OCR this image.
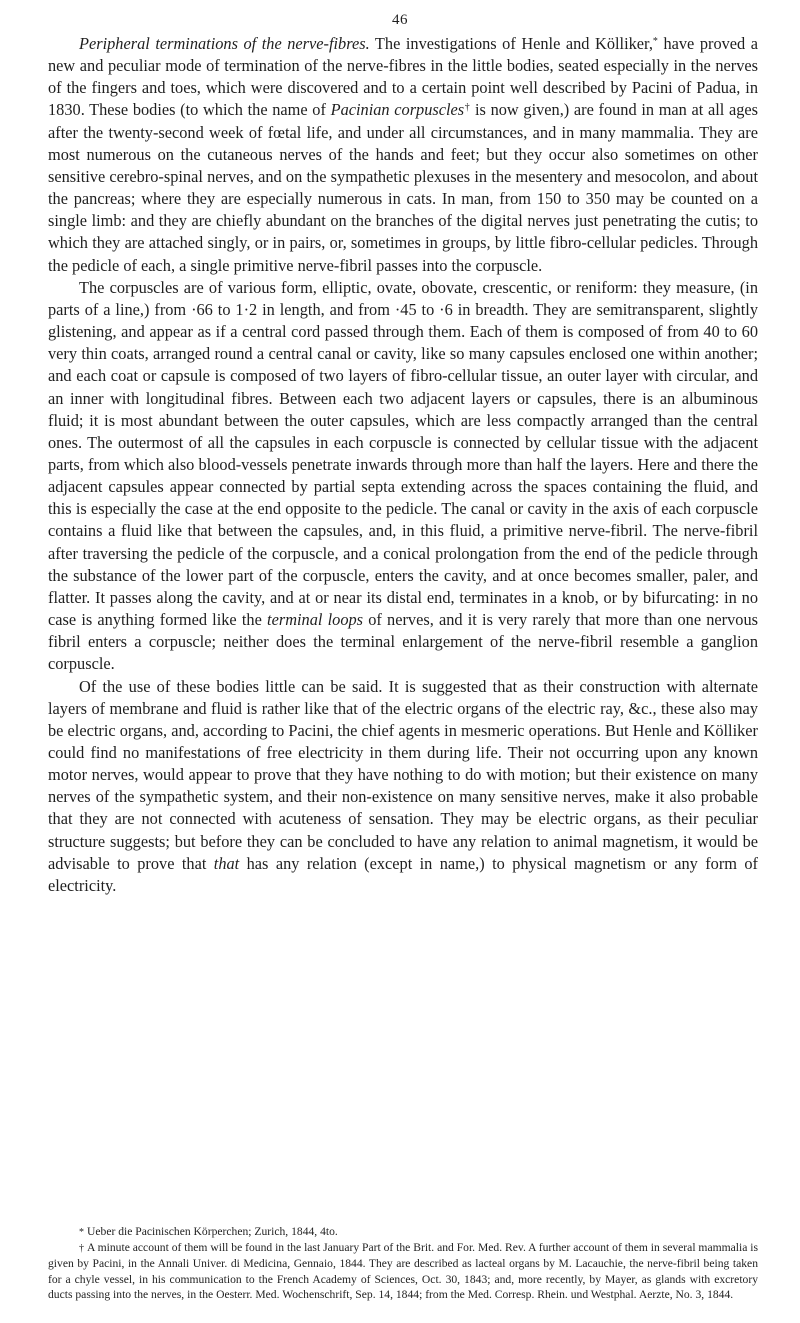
46

Peripheral terminations of the nerve-fibres. The investigations of Henle and Kölliker,* have proved a new and peculiar mode of termination of the nerve-fibres in the little bodies, seated especially in the nerves of the fingers and toes, which were discovered and to a certain point well described by Pacini of Padua, in 1830. These bodies (to which the name of Pacinian corpuscles† is now given,) are found in man at all ages after the twenty-second week of fœtal life, and under all circumstances, and in many mammalia. They are most numerous on the cutaneous nerves of the hands and feet; but they occur also sometimes on other sensitive cerebro-spinal nerves, and on the sympathetic plexuses in the mesentery and mesocolon, and about the pancreas; where they are especially numerous in cats. In man, from 150 to 350 may be counted on a single limb: and they are chiefly abundant on the branches of the digital nerves just penetrating the cutis; to which they are attached singly, or in pairs, or, sometimes in groups, by little fibro-cellular pedicles. Through the pedicle of each, a single primitive nerve-fibril passes into the corpuscle.

The corpuscles are of various form, elliptic, ovate, obovate, crescentic, or reniform: they measure, (in parts of a line,) from ·66 to 1·2 in length, and from ·45 to ·6 in breadth. They are semitransparent, slightly glistening, and appear as if a central cord passed through them. Each of them is composed of from 40 to 60 very thin coats, arranged round a central canal or cavity, like so many capsules enclosed one within another; and each coat or capsule is composed of two layers of fibro-cellular tissue, an outer layer with circular, and an inner with longitudinal fibres. Between each two adjacent layers or capsules, there is an albuminous fluid; it is most abundant between the outer capsules, which are less compactly arranged than the central ones. The outermost of all the capsules in each corpuscle is connected by cellular tissue with the adjacent parts, from which also blood-vessels penetrate inwards through more than half the layers. Here and there the adjacent capsules appear connected by partial septa extending across the spaces containing the fluid, and this is especially the case at the end opposite to the pedicle. The canal or cavity in the axis of each corpuscle contains a fluid like that between the capsules, and, in this fluid, a primitive nerve-fibril. The nerve-fibril after traversing the pedicle of the corpuscle, and a conical prolongation from the end of the pedicle through the substance of the lower part of the corpuscle, enters the cavity, and at once becomes smaller, paler, and flatter. It passes along the cavity, and at or near its distal end, terminates in a knob, or by bifurcating: in no case is anything formed like the terminal loops of nerves, and it is very rarely that more than one nervous fibril enters a corpuscle; neither does the terminal enlargement of the nerve-fibril resemble a ganglion corpuscle.

Of the use of these bodies little can be said. It is suggested that as their construction with alternate layers of membrane and fluid is rather like that of the electric organs of the electric ray, &c., these also may be electric organs, and, according to Pacini, the chief agents in mesmeric operations. But Henle and Kölliker could find no manifestations of free electricity in them during life. Their not occurring upon any known motor nerves, would appear to prove that they have nothing to do with motion; but their existence on many nerves of the sympathetic system, and their non-existence on many sensitive nerves, make it also probable that they are not connected with acuteness of sensation. They may be electric organs, as their peculiar structure suggests; but before they can be concluded to have any relation to animal magnetism, it would be advisable to prove that that has any relation (except in name,) to physical magnetism or any form of electricity.

* Ueber die Pacinischen Körperchen; Zurich, 1844, 4to.

† A minute account of them will be found in the last January Part of the Brit. and For. Med. Rev. A further account of them in several mammalia is given by Pacini, in the Annali Univer. di Medicina, Gennaio, 1844. They are described as lacteal organs by M. Lacauchie, the nerve-fibril being taken for a chyle vessel, in his communication to the French Academy of Sciences, Oct. 30, 1843; and, more recently, by Mayer, as glands with excretory ducts passing into the nerves, in the Oesterr. Med. Wochenschrift, Sep. 14, 1844; from the Med. Corresp. Rhein. und Westphal. Aerzte, No. 3, 1844.
